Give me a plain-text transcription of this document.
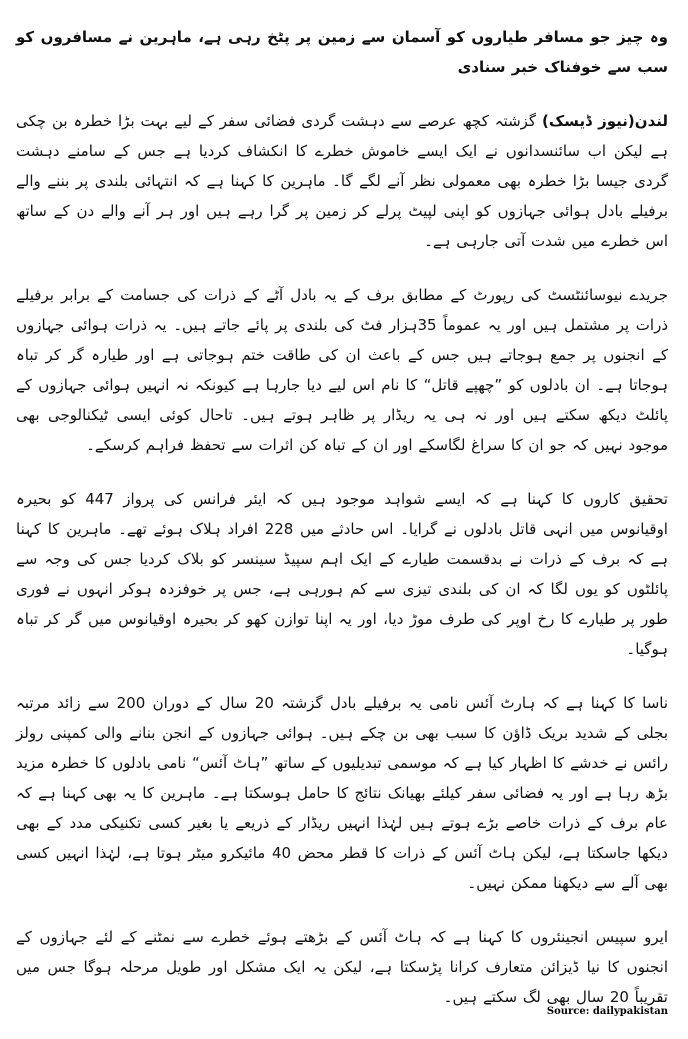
وہ چیز جو مسافر طیاروں کو آسمان سے زمین پر پٹخ رہی ہے، ماہرین نے مسافروں کو سب سے خوفناک خبر سنادی

لندن(نیوز ڈیسک) گزشتہ کچھ عرصے سے دہشت گردی فضائی سفر کے لیے بہت بڑا خطرہ بن چکی ہے لیکن اب سائنسدانوں نے ایک ایسے خاموش خطرے کا انکشاف کردیا ہے جس کے سامنے دہشت گردی جیسا بڑا خطرہ بھی معمولی نظر آنے لگے گا۔ ماہرین کا کہنا ہے کہ انتہائی بلندی پر بننے والے برفیلے بادل ہوائی جہازوں کو اپنی لپیٹ پرلے کر زمین پر گرا رہے ہیں اور ہر آنے والے دن کے ساتھ اس خطرے میں شدت آتی جارہی ہے۔

جریدے نیوسائنٹسٹ کی رپورٹ کے مطابق برف کے یہ بادل آٹے کے ذرات کی جسامت کے برابر برفیلے ذرات پر مشتمل ہیں اور یہ عموماً 35ہزار فٹ کی بلندی پر پائے جاتے ہیں۔ یہ ذرات ہوائی جہازوں کے انجنوں پر جمع ہوجاتے ہیں جس کے باعث ان کی طاقت ختم ہوجاتی ہے اور طیارہ گر کر تباہ ہوجاتا ہے۔ ان بادلوں کو ”چھپے قاتل“ کا نام اس لیے دیا جارہا ہے کیونکہ نہ انہیں ہوائی جہازوں کے پائلٹ دیکھ سکتے ہیں اور نہ ہی یہ ریڈار پر ظاہر ہوتے ہیں۔ تاحال کوئی ایسی ٹیکنالوجی بھی موجود نہیں کہ جو ان کا سراغ لگاسکے اور ان کے تباہ کن اثرات سے تحفظ فراہم کرسکے۔

تحقیق کاروں کا کہنا ہے کہ ایسے شواہد موجود ہیں کہ ایئر فرانس کی پرواز 447 کو بحیرہ اوقیانوس میں انہی قاتل بادلوں نے گرایا۔ اس حادثے میں 228 افراد ہلاک ہوئے تھے۔ ماہرین کا کہنا ہے کہ برف کے ذرات نے بدقسمت طیارے کے ایک اہم سپیڈ سینسر کو بلاک کردیا جس کی وجہ سے پائلٹوں کو یوں لگا کہ ان کی بلندی تیزی سے کم ہورہی ہے، جس پر خوفزدہ ہوکر انہوں نے فوری طور پر طیارے کا رخ اوپر کی طرف موڑ دیا، اور یہ اپنا توازن کھو کر بحیرہ اوقیانوس میں گر کر تباہ ہوگیا۔

ناسا کا کہنا ہے کہ ہارٹ آئس نامی یہ برفیلے بادل گزشتہ 20 سال کے دوران 200 سے زائد مرتبہ بجلی کے شدید بریک ڈاؤن کا سبب بھی بن چکے ہیں۔ ہوائی جہازوں کے انجن بنانے والی کمپنی رولز رائس نے خدشے کا اظہار کیا ہے کہ موسمی تبدیلیوں کے ساتھ ”ہاٹ آئس“ نامی بادلوں کا خطرہ مزید بڑھ رہا ہے اور یہ فضائی سفر کیلئے بھیانک نتائج کا حامل ہوسکتا ہے۔ ماہرین کا یہ بھی کہنا ہے کہ عام برف کے ذرات خاصے بڑے ہوتے ہیں لہٰذا انہیں ریڈار کے ذریعے یا بغیر کسی تکنیکی مدد کے بھی دیکھا جاسکتا ہے، لیکن ہاٹ آئس کے ذرات کا قطر محض 40 مائیکرو میٹر ہوتا ہے، لہٰذا انہیں کسی بھی آلے سے دیکھنا ممکن نہیں۔

ایرو سپیس انجینئروں کا کہنا ہے کہ ہاٹ آئس کے بڑھتے ہوئے خطرے سے نمٹنے کے لئے جہازوں کے انجنوں کا نیا ڈیزائن متعارف کرانا پڑسکتا ہے، لیکن یہ ایک مشکل اور طویل مرحلہ ہوگا جس میں تقریباً 20 سال بھی لگ سکتے ہیں۔

Source: dailypakistan
